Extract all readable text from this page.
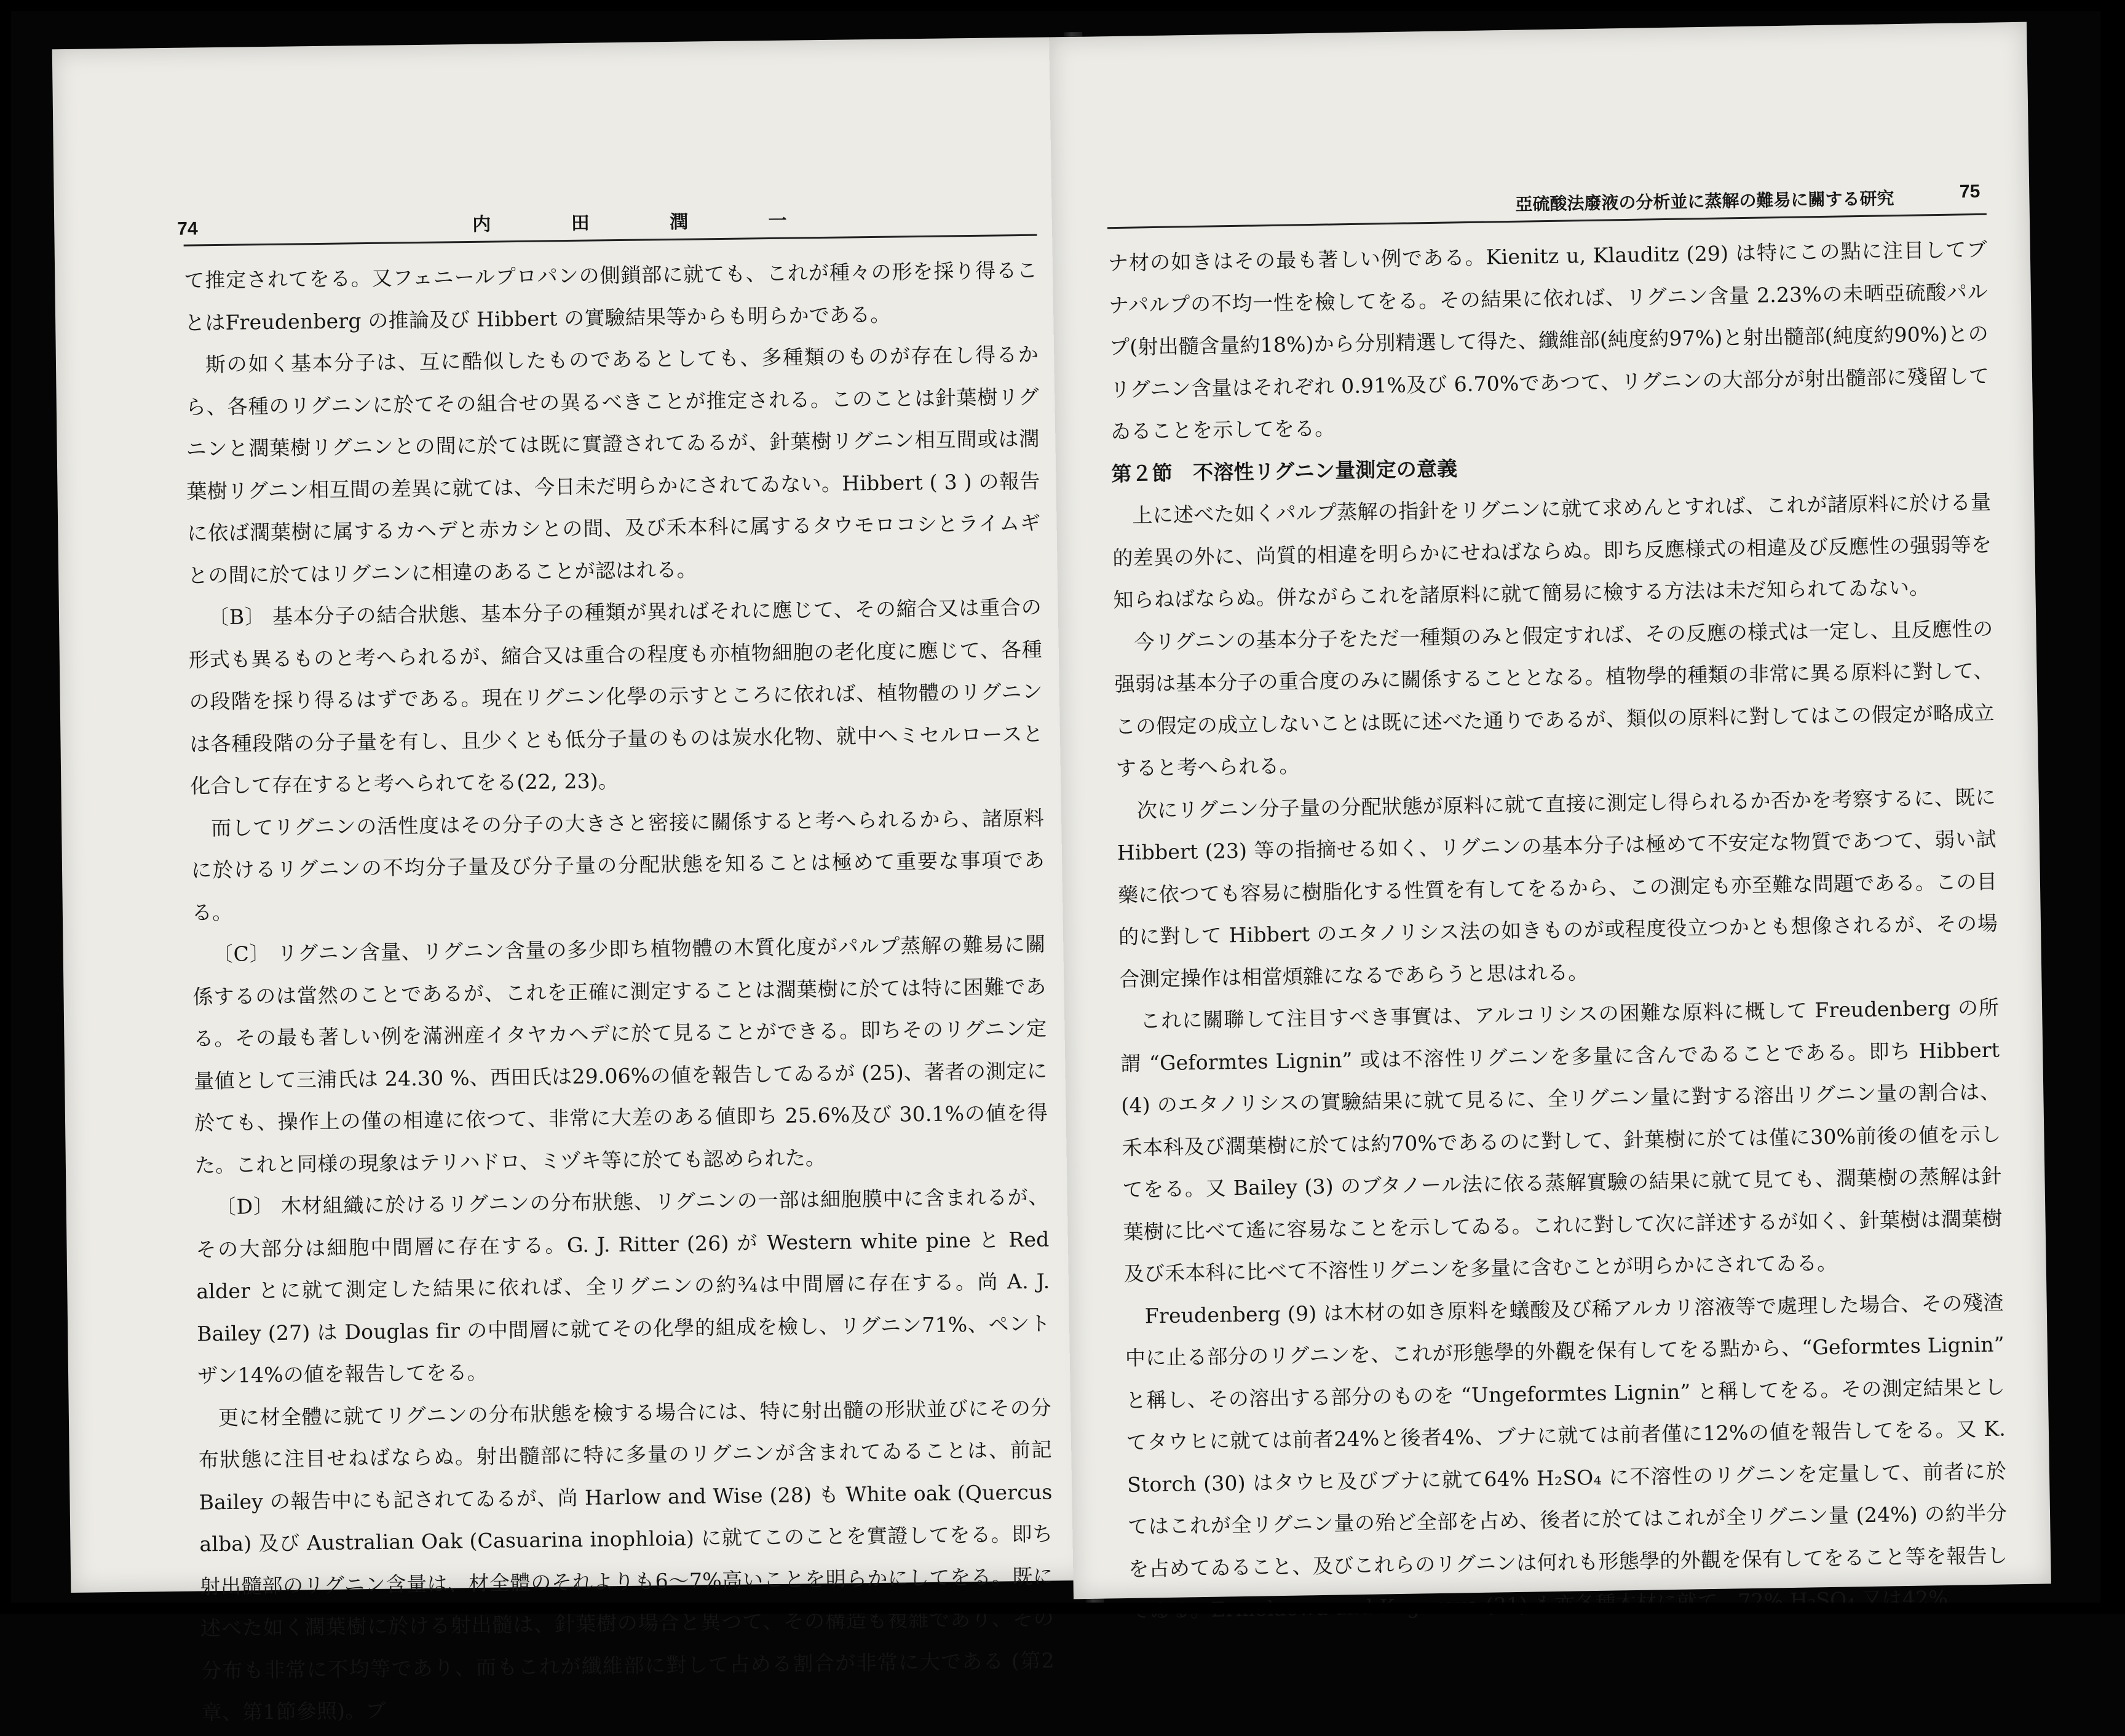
74	内 田 潤 一

て推定されてをる。又フェニールプロパンの側鎖部に就ても、これが種々の形を採り得ることはFreudenberg の推論及び Hibbert の實驗結果等からも明らかである。

斯の如く基本分子は、互に酷似したものであるとしても、多種類のものが存在し得るから、各種のリグニンに於てその組合せの異るべきことが推定される。このことは針葉樹リグニンと濶葉樹リグニンとの間に於ては既に實證されてゐるが、針葉樹リグニン相互間或は濶葉樹リグニン相互間の差異に就ては、今日未だ明らかにされてゐない。Hibbert ( 3 ) の報告に依ば濶葉樹に属するカヘデと赤カシとの間、及び禾本科に属するタウモロコシとライムギとの間に於てはリグニンに相違のあることが認はれる。

〔B〕 基本分子の結合狀態、基本分子の種類が異ればそれに應じて、その縮合又は重合の形式も異るものと考へられるが、縮合又は重合の程度も亦植物細胞の老化度に應じて、各種の段階を採り得るはずである。現在リグニン化學の示すところに依れば、植物體のリグニンは各種段階の分子量を有し、且少くとも低分子量のものは炭水化物、就中ヘミセルロースと化合して存在すると考へられてをる(22, 23)。

而してリグニンの活性度はその分子の大きさと密接に關係すると考へられるから、諸原料に於けるリグニンの不均分子量及び分子量の分配狀態を知ることは極めて重要な事項である。

〔C〕 リグニン含量、リグニン含量の多少即ち植物體の木質化度がパルプ蒸解の難易に關係するのは當然のことであるが、これを正確に測定することは濶葉樹に於ては特に困難である。その最も著しい例を滿洲産イタヤカヘデに於て見ることができる。即ちそのリグニン定量値として三浦氏は 24.30 %、西田氏は29.06%の値を報告してゐるが (25)、著者の測定に於ても、操作上の僅の相違に依つて、非常に大差のある値即ち 25.6%及び 30.1%の値を得た。これと同様の現象はテリハドロ、ミヅキ等に於ても認められた。

〔D〕 木材組織に於けるリグニンの分布狀態、リグニンの一部は細胞膜中に含まれるが、その大部分は細胞中間層に存在する。G. J. Ritter (26) が Western white pine と Red alder とに就て測定した結果に依れば、全リグニンの約¾は中間層に存在する。尚 A. J. Bailey (27) は Douglas fir の中間層に就てその化學的組成を檢し、リグニン71%、ペントザン14%の値を報告してをる。

更に材全體に就てリグニンの分布狀態を檢する場合には、特に射出髓の形狀並びにその分布狀態に注目せねばならぬ。射出髓部に特に多量のリグニンが含まれてゐることは、前記 Bailey の報告中にも記されてゐるが、尚 Harlow and Wise (28) も White oak (Quercus alba) 及び Australian Oak (Casuarina inophloia) に就てこのことを實證してをる。即ち射出髓部のリグニン含量は、材全體のそれよりも6～7%高いことを明らかにしてをる。既に述べた如く濶葉樹に於ける射出髓は、針葉樹の場合と異つて、その構造も複雜であり、その分布も非常に不均等であり、而もこれが纖維部に對して占める割合が非常に大である (第2章、第1節參照)。ブ

亞硫酸法廢液の分析並に蒸解の難易に關する研究	75

ナ材の如きはその最も著しい例である。Kienitz u, Klauditz (29) は特にこの點に注目してブナパルプの不均一性を檢してをる。その結果に依れば、リグニン含量 2.23%の未晒亞硫酸パルプ(射出髓含量約18%)から分別精選して得た、纖維部(純度約97%)と射出髓部(純度約90%)とのリグニン含量はそれぞれ 0.91%及び 6.70%であつて、リグニンの大部分が射出髓部に殘留してゐることを示してをる。

第２節　不溶性リグニン量測定の意義

上に述べた如くパルプ蒸解の指針をリグニンに就て求めんとすれば、これが諸原料に於ける量的差異の外に、尚質的相違を明らかにせねばならぬ。即ち反應様式の相違及び反應性の强弱等を知らねばならぬ。併ながらこれを諸原料に就て簡易に檢する方法は未だ知られてゐない。

今リグニンの基本分子をただ一種類のみと假定すれば、その反應の様式は一定し、且反應性の强弱は基本分子の重合度のみに關係することとなる。植物學的種類の非常に異る原料に對して、この假定の成立しないことは既に述べた通りであるが、類似の原料に對してはこの假定が略成立すると考へられる。

次にリグニン分子量の分配狀態が原料に就て直接に測定し得られるか否かを考察するに、既に Hibbert (23) 等の指摘せる如く、リグニンの基本分子は極めて不安定な物質であつて、弱い試藥に依つても容易に樹脂化する性質を有してをるから、この測定も亦至難な問題である。この目的に對して Hibbert のエタノリシス法の如きものが或程度役立つかとも想像されるが、その場合測定操作は相當煩雜になるであらうと思はれる。

これに關聯して注目すべき事實は、アルコリシスの困難な原料に概して Freudenberg の所謂 “Geformtes Lignin” 或は不溶性リグニンを多量に含んでゐることである。即ち Hibbert (4) のエタノリシスの實驗結果に就て見るに、全リグニン量に對する溶出リグニン量の割合は、禾本科及び濶葉樹に於ては約70%であるのに對して、針葉樹に於ては僅に30%前後の値を示してをる。又 Bailey (3) のブタノール法に依る蒸解實驗の結果に就て見ても、濶葉樹の蒸解は針葉樹に比べて遙に容易なことを示してゐる。これに對して次に詳述するが如く、針葉樹は濶葉樹及び禾本科に比べて不溶性リグニンを多量に含むことが明らかにされてゐる。

Freudenberg (9) は木材の如き原料を蟻酸及び稀アルカリ溶液等で處理した場合、その殘渣中に止る部分のリグニンを、これが形態學的外觀を保有してをる點から、“Geformtes Lignin” と稱し、その溶出する部分のものを “Ungeformtes Lignin” と稱してをる。その測定結果としてタウヒに就ては前者24%と後者4%、ブナに就ては前者僅に12%の値を報告してをる。又 K. Storch (30) はタウヒ及びブナに就て64% H₂SO₄ に不溶性のリグニンを定量して、前者に於てはこれが全リグニン量の殆ど全部を占め、後者に於てはこれが全リグニン量 (24%) の約半分を占めてゐること、及びこれらのリグニンは何れも形態學的外觀を保有してをること等を報告してゐる。Ermolaewa and Kogurova (31) も亦各種木材に就て、72% H₂SO₄ 又は42%
